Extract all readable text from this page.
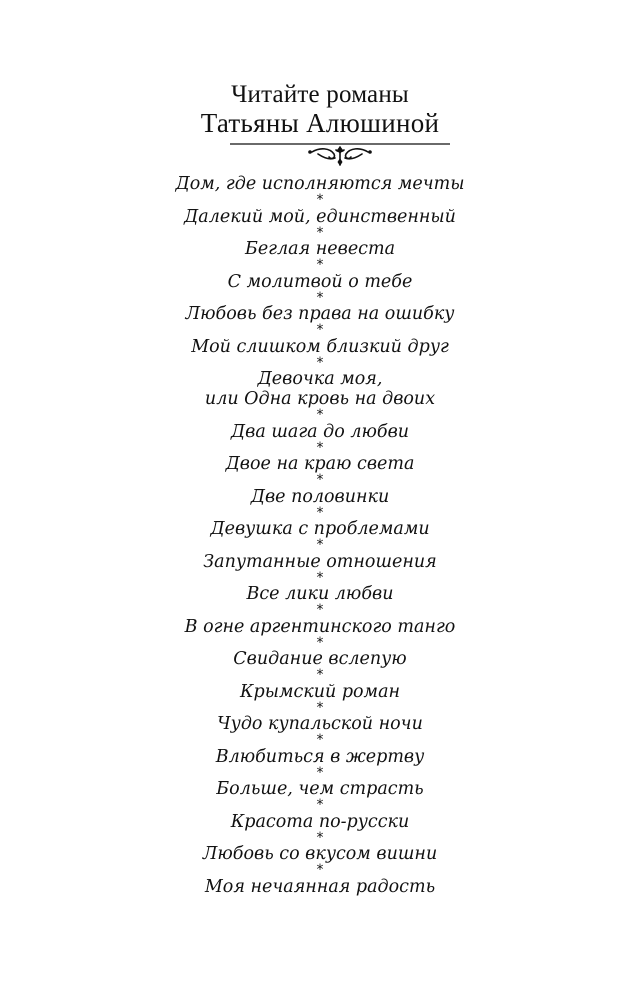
Читайте романы
Татьяны Алюшиной
Дом, где исполняются мечты
*
Далекий мой, единственный
*
Беглая невеста
*
С молитвой о тебе
*
Любовь без права на ошибку
*
Мой слишком близкий друг
*
Девочка моя,
или Одна кровь на двоих
*
Два шага до любви
*
Двое на краю света
*
Две половинки
*
Девушка с проблемами
*
Запутанные отношения
*
Все лики любви
*
В огне аргентинского танго
*
Свидание вслепую
*
Крымский роман
*
Чудо купальской ночи
*
Влюбиться в жертву
*
Больше, чем страсть
*
Красота по-русски
*
Любовь со вкусом вишни
*
Моя нечаянная радость
